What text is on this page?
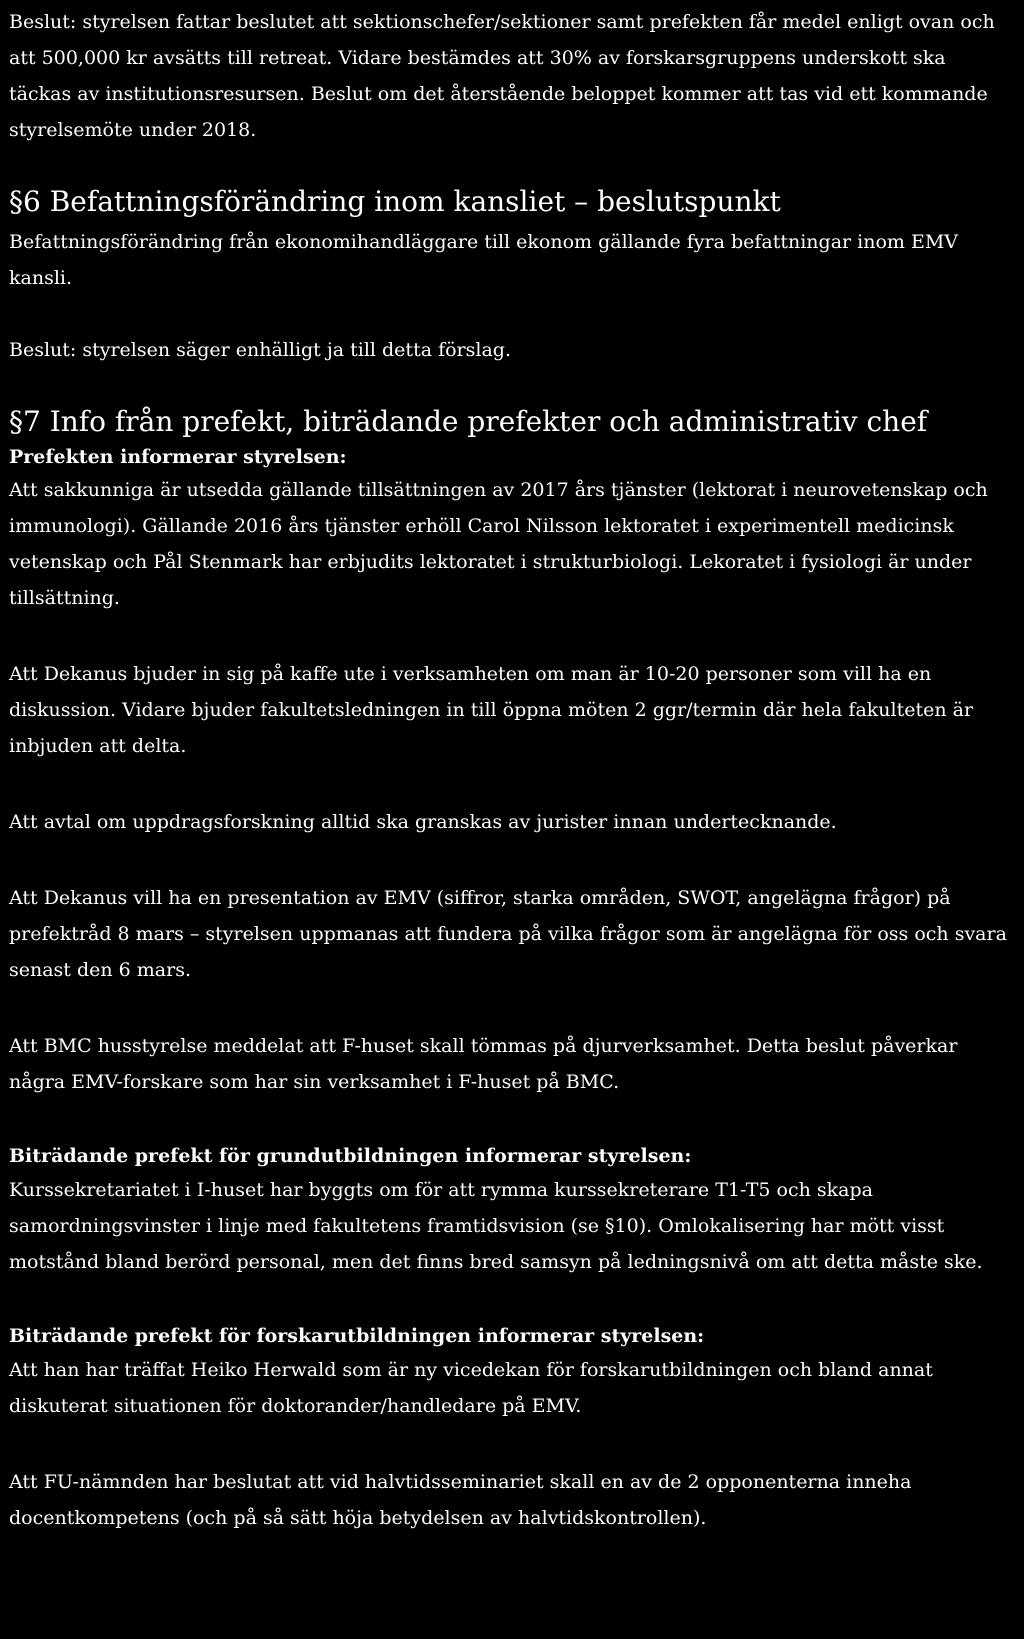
Beslut: styrelsen fattar beslutet att sektionschefer/sektioner samt prefekten får medel enligt ovan och att 500,000 kr avsätts till retreat. Vidare bestämdes att 30% av forskarsgruppens underskott ska täckas av institutionsresursen. Beslut om det återstående beloppet kommer att tas vid ett kommande styrelsemöte under 2018.

§6 Befattningsförändring inom kansliet – beslutspunkt

Befattningsförändring från ekonomihandläggare till ekonom gällande fyra befattningar inom EMV kansli.

Beslut: styrelsen säger enhälligt ja till detta förslag.

§7 Info från prefekt, biträdande prefekter och administrativ chef

Prefekten informerar styrelsen:

Att sakkunniga är utsedda gällande tillsättningen av 2017 års tjänster (lektorat i neurovetenskap och immunologi). Gällande 2016 års tjänster erhöll Carol Nilsson lektoratet i experimentell medicinsk vetenskap och Pål Stenmark har erbjudits lektoratet i strukturbiologi. Lekoratet i fysiologi är under tillsättning.

Att Dekanus bjuder in sig på kaffe ute i verksamheten om man är 10-20 personer som vill ha en diskussion. Vidare bjuder fakultetsledningen in till öppna möten 2 ggr/termin där hela fakulteten är inbjuden att delta.

Att avtal om uppdragsforskning alltid ska granskas av jurister innan undertecknande.

Att Dekanus vill ha en presentation av EMV (siffror, starka områden, SWOT, angelägna frågor) på prefektråd 8 mars – styrelsen uppmanas att fundera på vilka frågor som är angelägna för oss och svara senast den 6 mars.

Att BMC husstyrelse meddelat att F-huset skall tömmas på djurverksamhet. Detta beslut påverkar några EMV-forskare som har sin verksamhet i F-huset på BMC.

Biträdande prefekt för grundutbildningen informerar styrelsen:

Kurssekretariatet i I-huset har byggts om för att rymma kurssekreterare T1-T5 och skapa samordningsvinster i linje med fakultetens framtidsvision (se §10). Omlokalisering har mött visst motstånd bland berörd personal, men det finns bred samsyn på ledningsnivå om att detta måste ske.

Biträdande prefekt för forskarutbildningen informerar styrelsen:

Att han har träffat Heiko Herwald som är ny vicedekan för forskarutbildningen och bland annat diskuterat situationen för doktorander/handledare på EMV.

Att FU-nämnden har beslutat att vid halvtidsseminariet skall en av de 2 opponenterna inneha docentkompetens (och på så sätt höja betydelsen av halvtidskontrollen).
